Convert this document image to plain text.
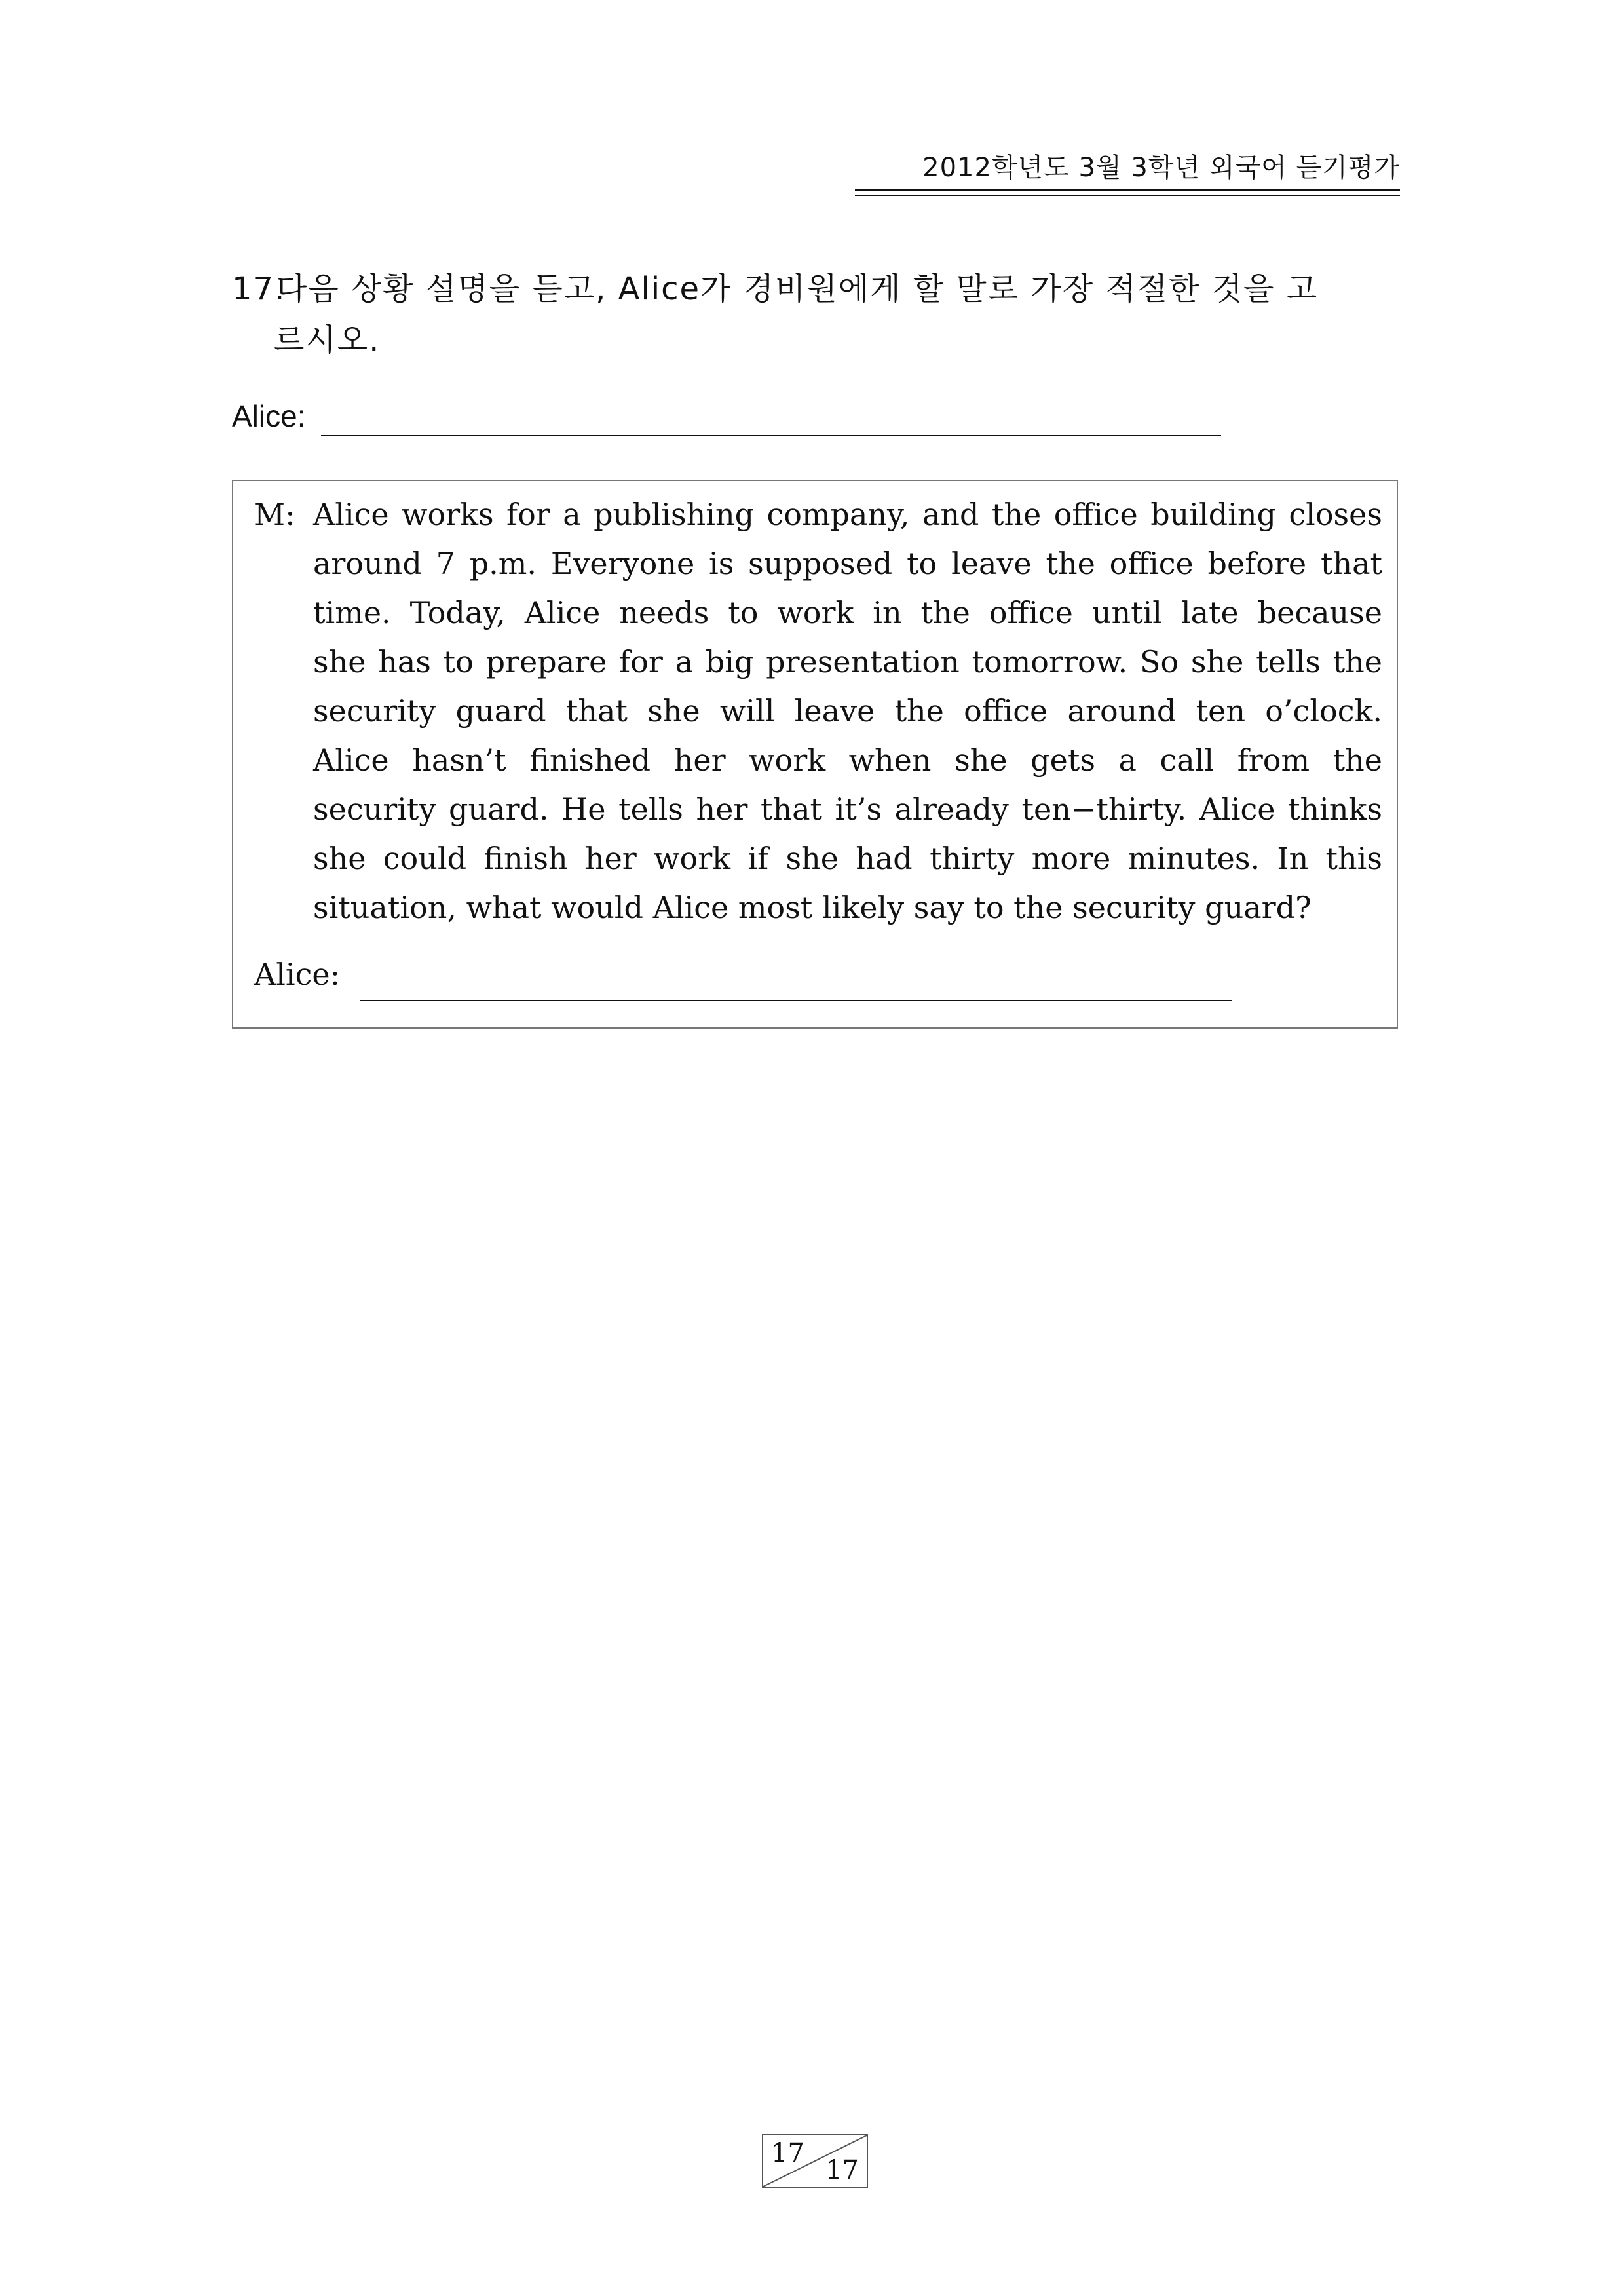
2012학년도 3월 3학년 외국어 듣기평가
17.다음 상황 설명을 듣고, Alice가 경비원에게 할 말로 가장 적절한 것을 고
르시오.
Alice:
M: Alice works for a publishing company, and the office building closes
around 7 p.m. Everyone is supposed to leave the office before that
time. Today, Alice needs to work in the office until late because
she has to prepare for a big presentation tomorrow. So she tells the
security guard that she will leave the office around ten o’clock.
Alice hasn’t finished her work when she gets a call from the
security guard. He tells her that it’s already ten−thirty. Alice thinks
she could finish her work if she had thirty more minutes. In this
situation, what would Alice most likely say to the security guard?
Alice:
17
17
